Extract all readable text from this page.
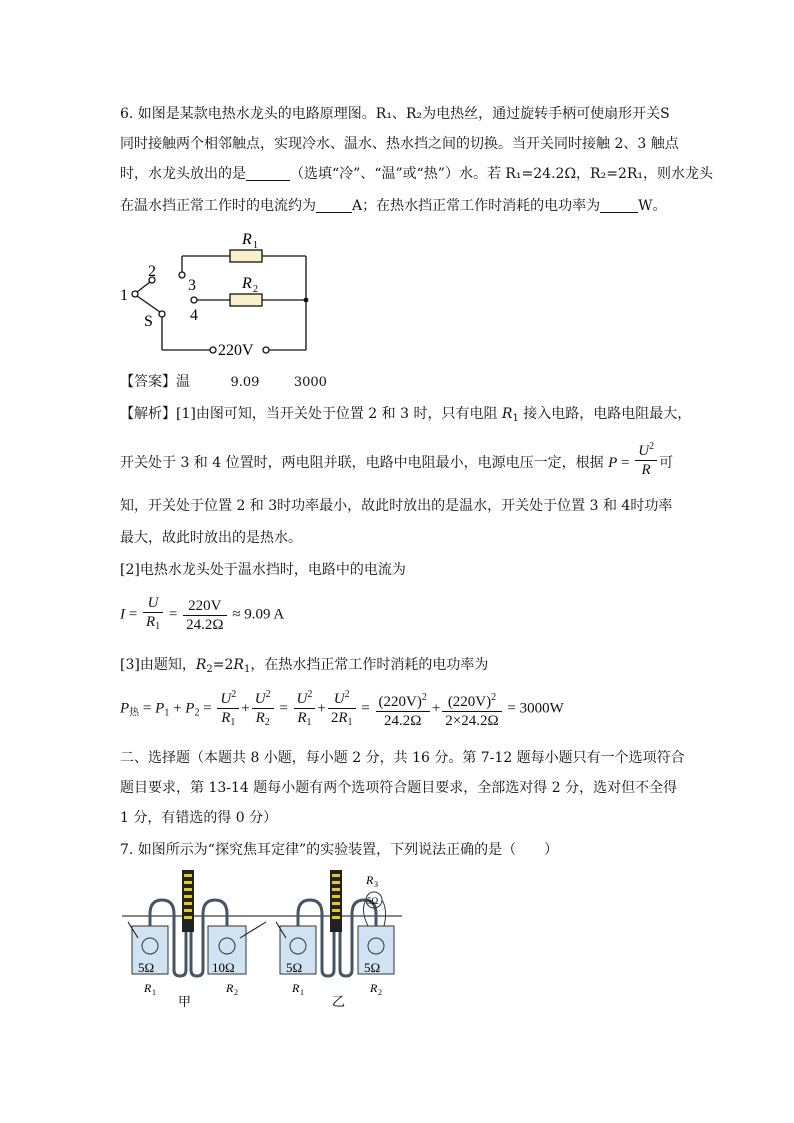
6. 如图是某款电热水龙头的电路原理图。R₁、R₂为电热丝，通过旋转手柄可使扇形开关S
同时接触两个相邻触点，实现冷水、温水、热水挡之间的切换。当开关同时接触 2、3 触点
时，水龙头放出的是	（选填“冷”、“温”或“热”）水。若 R₁=24.2Ω，R₂=2R₁，则水龙头
在温水挡正常工作时的电流约为	A；在热水挡正常工作时消耗的电功率为	W。
R 1
R 2
1
2
3
4
S
220V
【答案】温	9.09	3000
【解析】[1]由图可知，当开关处于位置 2 和 3 时，只有电阻 $R_1$ 接入电路，电路电阻最大，
开关处于 3 和 4 位置时，两电阻并联，电路中电阻最小，电源电压一定，根据 $P = \frac{U^2}{R}$ 可
知，开关处于位置 2 和 3时功率最小，故此时放出的是温水，开关处于位置 3 和 4时功率
最大，故此时放出的是热水。
[2]电热水龙头处于温水挡时，电路中的电流为
$I = \frac{U}{R_1} = \frac{220V}{24.2\Omega} \approx 9.09$ A
[3]由题知，$R_2=2R_1$，在热水挡正常工作时消耗的电功率为
$P_热 = P_1 + P_2 = \frac{U^2}{R_1} + \frac{U^2}{R_2} = \frac{U^2}{R_1} + \frac{U^2}{2R_1} = \frac{(220V)^2}{24.2\Omega} + \frac{(220V)^2}{2\times 24.2\Omega} = 3000W$
二、选择题（本题共 8 小题，每小题 2 分，共 16 分。第 7-12 题每小题只有一个选项符合
题目要求，第 13-14 题每小题有两个选项符合题目要求，全部选对得 2 分，选对但不全得
1 分，有错选的得 0 分）
7. 如图所示为“探究焦耳定律”的实验装置，下列说法正确的是（　　）
5Ω	10Ω
R 1	R 2
甲
5Ω
R 3
5Ω	5Ω
R 1	R 2
乙
